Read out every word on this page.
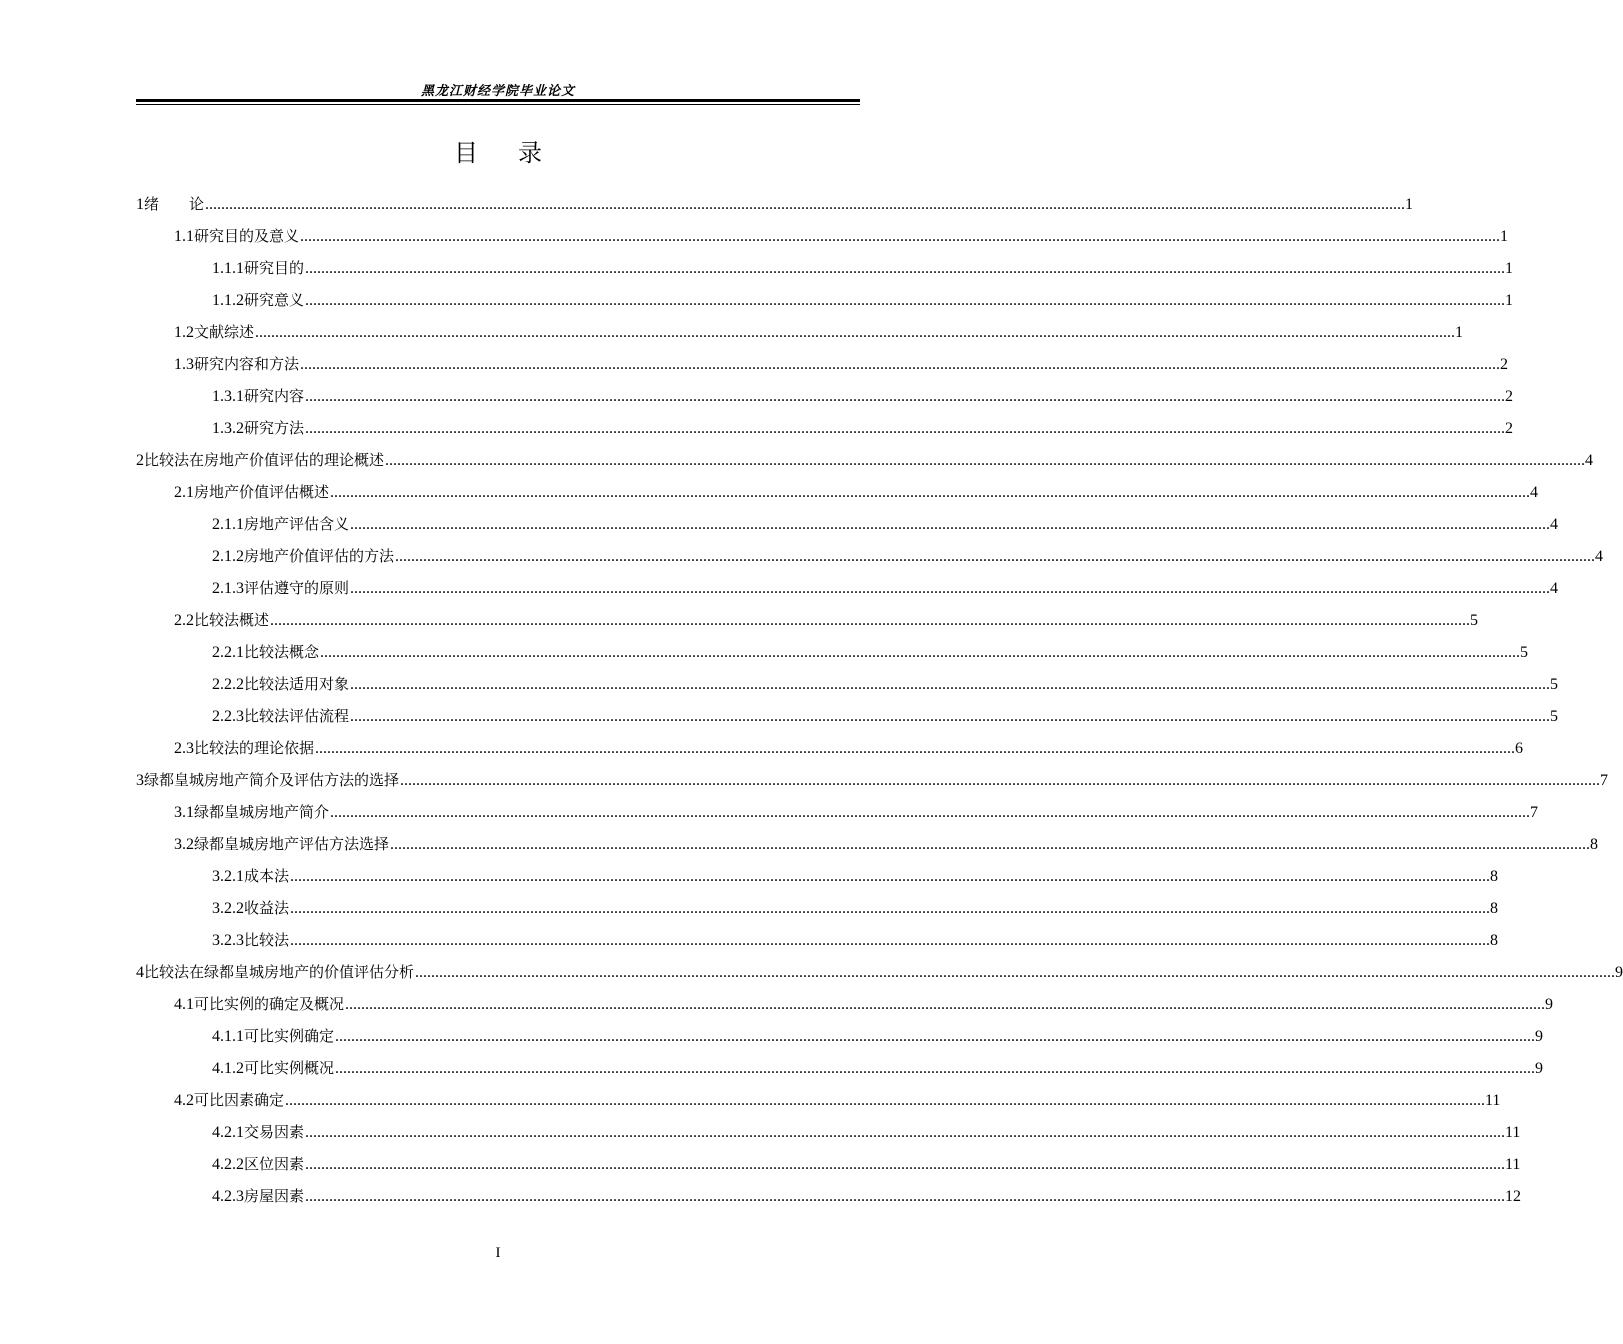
黑龙江财经学院毕业论文
目录
1 绪　　论 ............................................................................................................................................................................................................................................................................................................ 1
1.1 研究目的及意义 ............................................................................................................................................................................................................................................................................................................ 1
1.1.1 研究目的 ............................................................................................................................................................................................................................................................................................................ 1
1.1.2 研究意义 ............................................................................................................................................................................................................................................................................................................ 1
1.2 文献综述 ............................................................................................................................................................................................................................................................................................................ 1
1.3 研究内容和方法 ............................................................................................................................................................................................................................................................................................................ 2
1.3.1 研究内容 ............................................................................................................................................................................................................................................................................................................ 2
1.3.2 研究方法 ............................................................................................................................................................................................................................................................................................................ 2
2 比较法在房地产价值评估的理论概述 ............................................................................................................................................................................................................................................................................................................ 4
2.1 房地产价值评估概述 ............................................................................................................................................................................................................................................................................................................ 4
2.1.1 房地产评估含义 ............................................................................................................................................................................................................................................................................................................ 4
2.1.2 房地产价值评估的方法 ............................................................................................................................................................................................................................................................................................................ 4
2.1.3 评估遵守的原则 ............................................................................................................................................................................................................................................................................................................ 4
2.2 比较法概述 ............................................................................................................................................................................................................................................................................................................ 5
2.2.1 比较法概念 ............................................................................................................................................................................................................................................................................................................ 5
2.2.2 比较法适用对象 ............................................................................................................................................................................................................................................................................................................ 5
2.2.3 比较法评估流程 ............................................................................................................................................................................................................................................................................................................ 5
2.3 比较法的理论依据 ............................................................................................................................................................................................................................................................................................................ 6
3 绿都皇城房地产简介及评估方法的选择 ............................................................................................................................................................................................................................................................................................................ 7
3.1 绿都皇城房地产简介 ............................................................................................................................................................................................................................................................................................................ 7
3.2 绿都皇城房地产评估方法选择 ............................................................................................................................................................................................................................................................................................................ 8
3.2.1 成本法 ............................................................................................................................................................................................................................................................................................................ 8
3.2.2 收益法 ............................................................................................................................................................................................................................................................................................................ 8
3.2.3 比较法 ............................................................................................................................................................................................................................................................................................................ 8
4 比较法在绿都皇城房地产的价值评估分析 ............................................................................................................................................................................................................................................................................................................ 9
4.1 可比实例的确定及概况 ............................................................................................................................................................................................................................................................................................................ 9
4.1.1 可比实例确定 ............................................................................................................................................................................................................................................................................................................ 9
4.1.2 可比实例概况 ............................................................................................................................................................................................................................................................................................................ 9
4.2 可比因素确定 ............................................................................................................................................................................................................................................................................................................ 11
4.2.1 交易因素 ............................................................................................................................................................................................................................................................................................................ 11
4.2.2 区位因素 ............................................................................................................................................................................................................................................................................................................ 11
4.2.3 房屋因素 ............................................................................................................................................................................................................................................................................................................ 12
I
